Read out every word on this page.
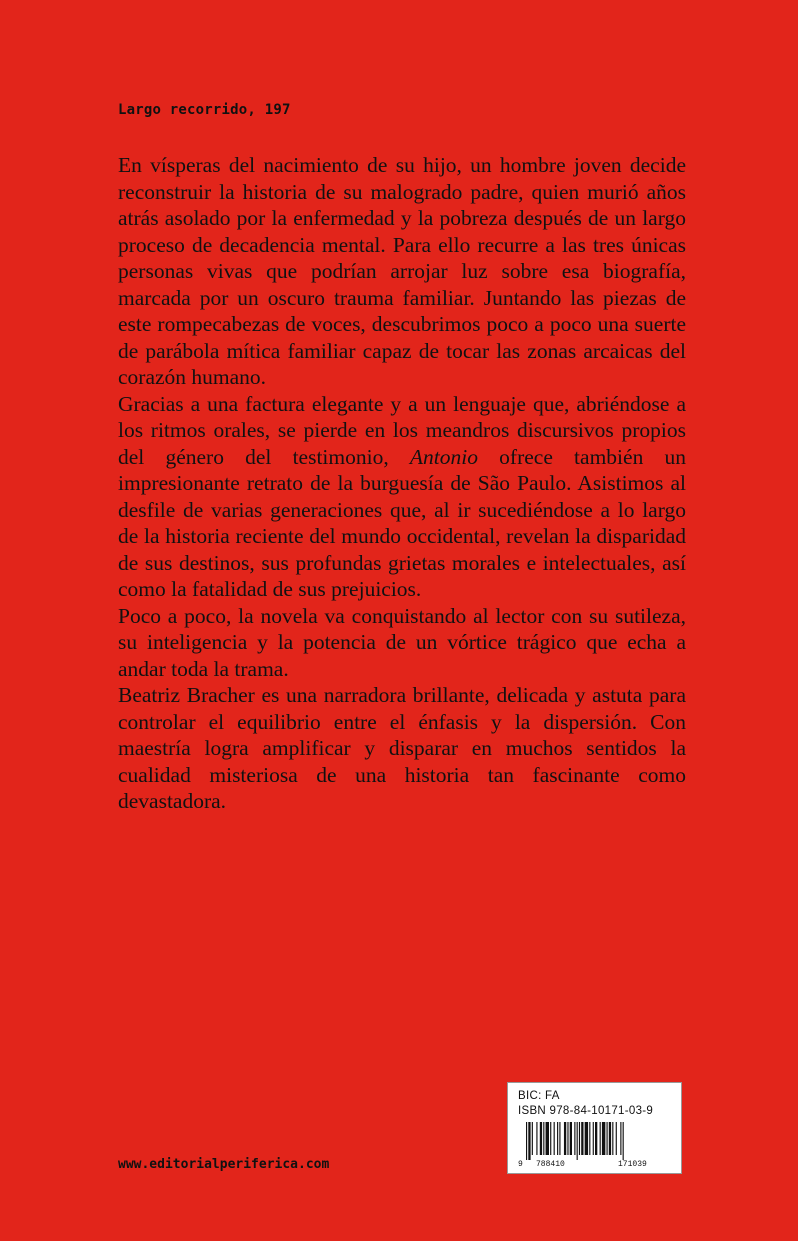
Largo recorrido, 197

En vísperas del nacimiento de su hijo, un hombre joven decide reconstruir la historia de su malogrado padre, quien murió años atrás asolado por la enfermedad y la pobreza después de un largo proceso de decadencia mental. Para ello recurre a las tres únicas personas vivas que podrían arrojar luz sobre esa biografía, marcada por un oscuro trauma familiar. Juntando las piezas de este rompecabezas de voces, descubrimos poco a poco una suerte de parábola mítica familiar capaz de tocar las zonas arcaicas del corazón humano.

Gracias a una factura elegante y a un lenguaje que, abriéndose a los ritmos orales, se pierde en los meandros discursivos propios del género del testimonio, Antonio ofrece también un impresionante retrato de la burguesía de São Paulo. Asistimos al desfile de varias generaciones que, al ir sucediéndose a lo largo de la historia reciente del mundo occidental, revelan la disparidad de sus destinos, sus profundas grietas morales e intelectuales, así como la fatalidad de sus prejuicios.

Poco a poco, la novela va conquistando al lector con su sutileza, su inteligencia y la potencia de un vórtice trágico que echa a andar toda la trama.

Beatriz Bracher es una narradora brillante, delicada y astuta para controlar el equilibrio entre el énfasis y la dispersión. Con maestría logra amplificar y disparar en muchos sentidos la cualidad misteriosa de una historia tan fascinante como devastadora.

www.editorialperiferica.com
BIC: FA
ISBN 978-84-10171-03-9
9 788410	171039
